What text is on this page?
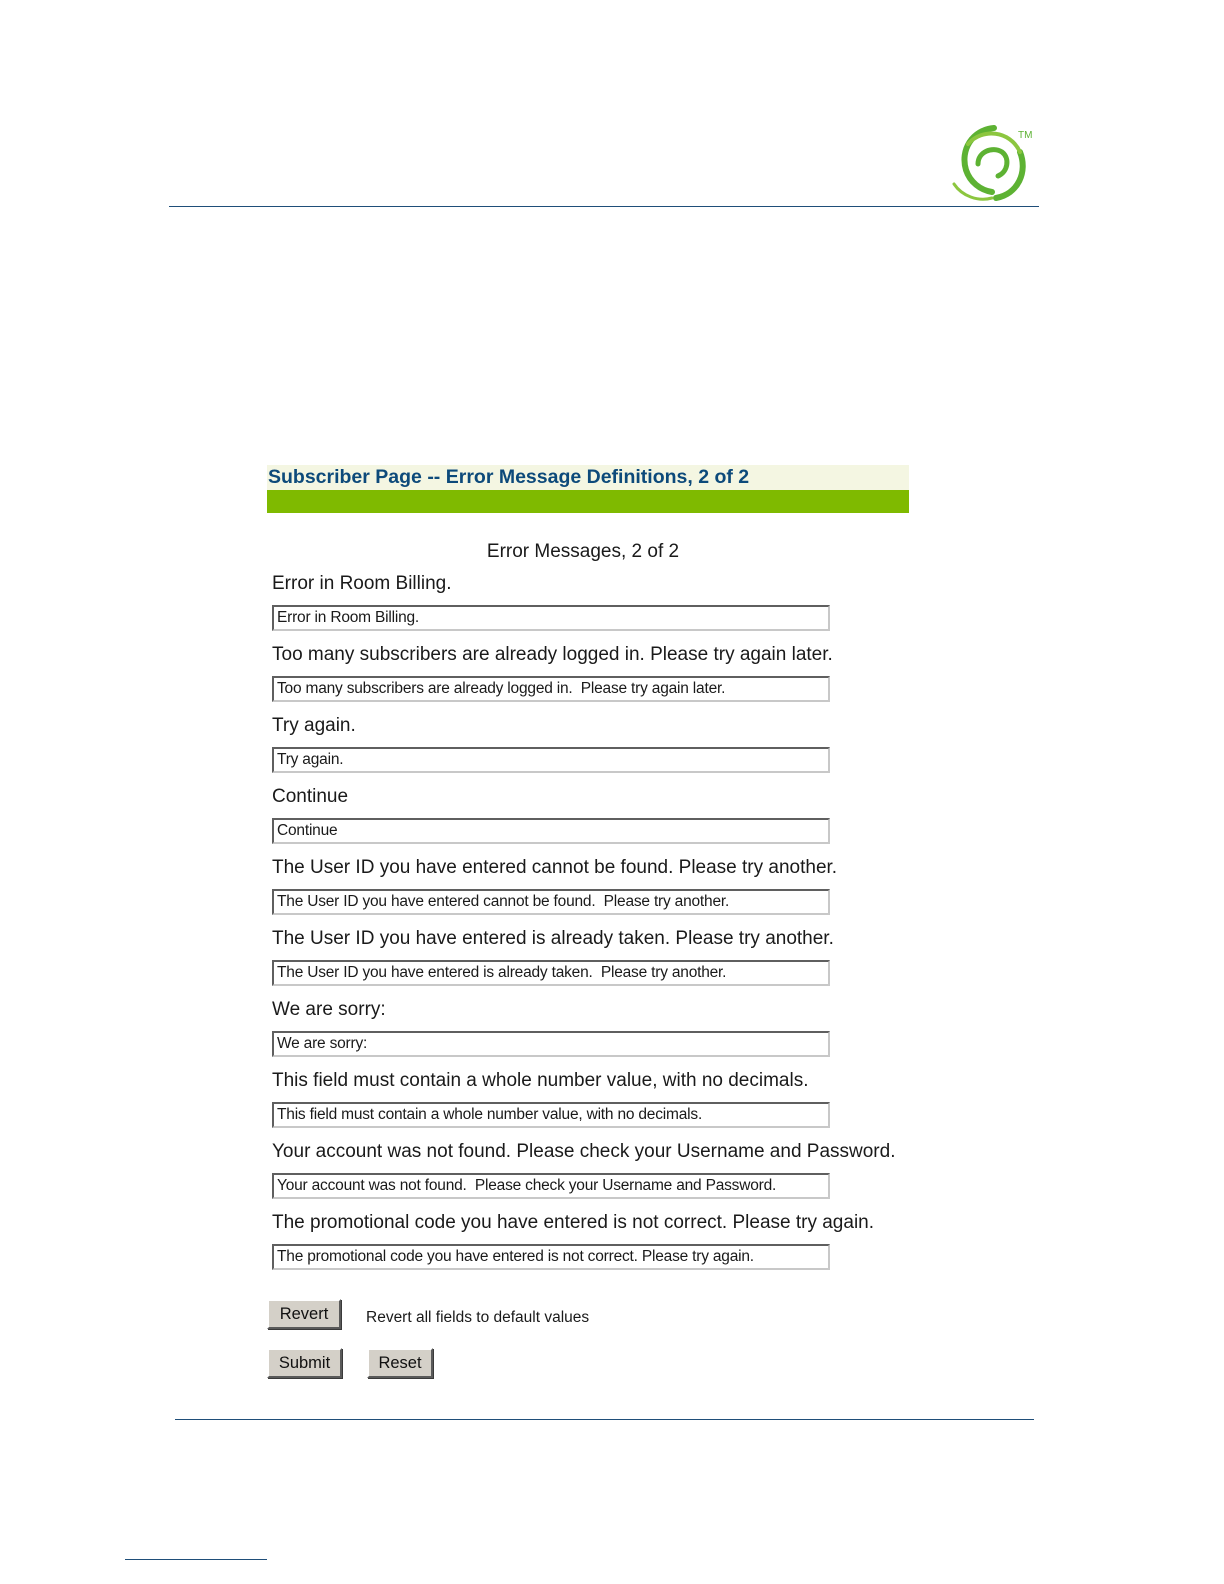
TM
Subscriber Page -- Error Message Definitions, 2 of 2
Error Messages, 2 of 2
Error in Room Billing.
Error in Room Billing.
Too many subscribers are already logged in. Please try again later.
Too many subscribers are already logged in. Please try again later.
Try again.
Try again.
Continue
Continue
The User ID you have entered cannot be found. Please try another.
The User ID you have entered cannot be found. Please try another.
The User ID you have entered is already taken. Please try another.
The User ID you have entered is already taken. Please try another.
We are sorry:
We are sorry:
This field must contain a whole number value, with no decimals.
This field must contain a whole number value, with no decimals.
Your account was not found. Please check your Username and Password.
Your account was not found. Please check your Username and Password.
The promotional code you have entered is not correct. Please try again.
The promotional code you have entered is not correct. Please try again.
Revert	Revert all fields to default values
Submit	Reset
